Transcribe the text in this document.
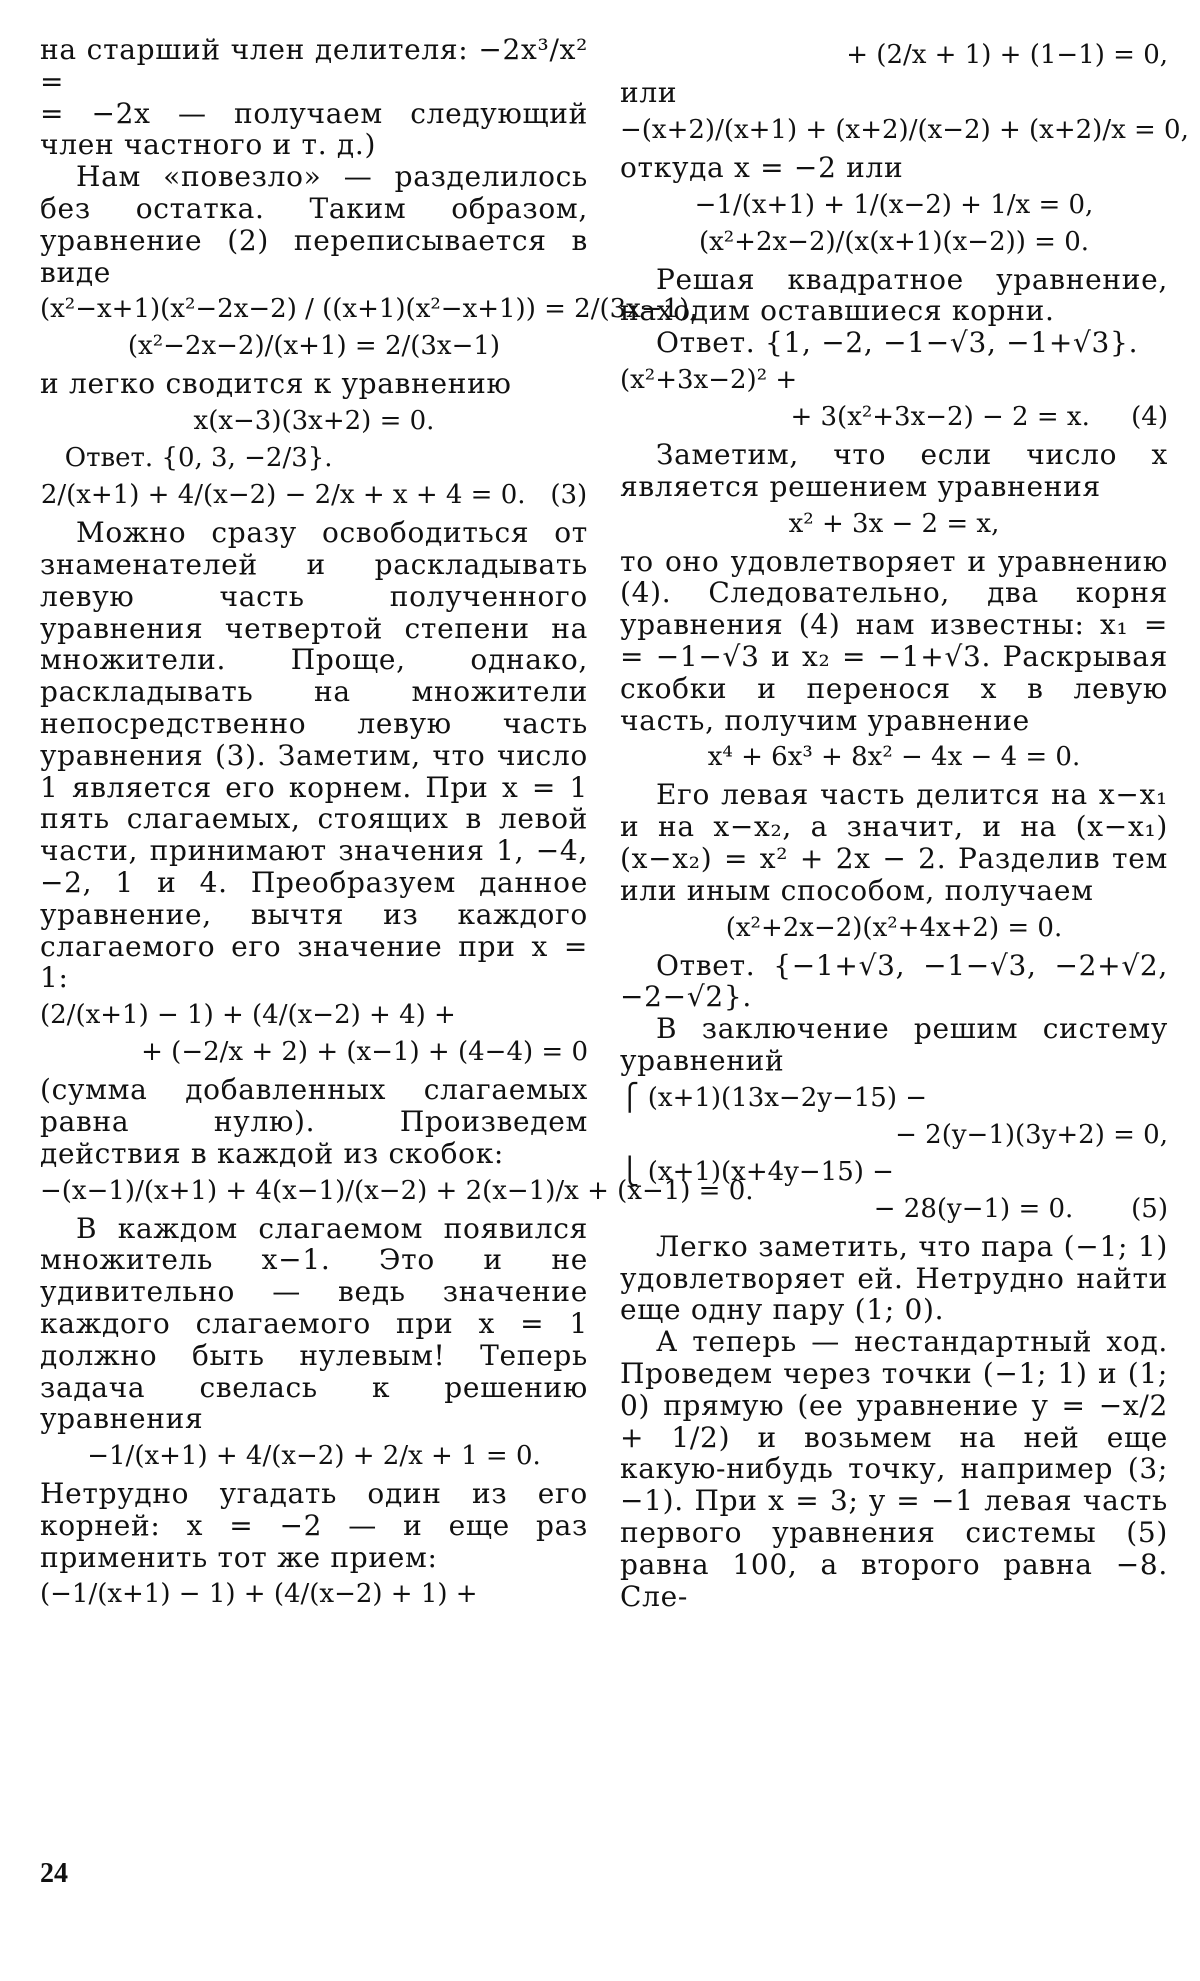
на старший член делителя: −2x³/x² =

= −2x — получаем следующий член частного и т. д.)

Нам «повезло» — разделилось без остатка. Таким образом, уравнение (2) переписывается в виде

(x²−x+1)(x²−2x−2) / ((x+1)(x²−x+1)) = 2/(3x−1),
(x²−2x−2)/(x+1) = 2/(3x−1)

и легко сводится к уравнению

x(x−3)(3x+2) = 0.
Ответ. {0, 3, −2/3}.
2/(x+1) + 4/(x−2) − 2/x + x + 4 = 0.   (3)

Можно сразу освободиться от знаменателей и раскладывать левую часть полученного уравнения четвертой степени на множители. Проще, однако, раскладывать на множители непосредственно левую часть уравнения (3). Заметим, что число 1 является его корнем. При x = 1 пять слагаемых, стоящих в левой части, принимают значения 1, −4, −2, 1 и 4. Преобразуем данное уравнение, вычтя из каждого слагаемого его значение при x = 1:

(2/(x+1) − 1) + (4/(x−2) + 4) +
+ (−2/x + 2) + (x−1) + (4−4) = 0

(сумма добавленных слагаемых равна нулю). Произведем действия в каждой из скобок:

−(x−1)/(x+1) + 4(x−1)/(x−2) + 2(x−1)/x + (x−1) = 0.

В каждом слагаемом появился множитель x−1. Это и не удивительно — ведь значение каждого слагаемого при x = 1 должно быть нулевым! Теперь задача свелась к решению уравнения

−1/(x+1) + 4/(x−2) + 2/x + 1 = 0.

Нетрудно угадать один из его корней: x = −2 — и еще раз применить тот же прием:

(−1/(x+1) − 1) + (4/(x−2) + 1) +
+ (2/x + 1) + (1−1) = 0,

или

−(x+2)/(x+1) + (x+2)/(x−2) + (x+2)/x = 0,

откуда x = −2 или

−1/(x+1) + 1/(x−2) + 1/x = 0,
(x²+2x−2)/(x(x+1)(x−2)) = 0.

Решая квадратное уравнение, находим оставшиеся корни.

Ответ. {1, −2, −1−√3, −1+√3}.

(x²+3x−2)² +
+ 3(x²+3x−2) − 2 = x.     (4)

Заметим, что если число x является решением уравнения

x² + 3x − 2 = x,

то оно удовлетворяет и уравнению (4). Следовательно, два корня уравнения (4) нам известны: x₁ = = −1−√3 и x₂ = −1+√3. Раскрывая скобки и перенося x в левую часть, получим уравнение

x⁴ + 6x³ + 8x² − 4x − 4 = 0.

Его левая часть делится на x−x₁ и на x−x₂, а значит, и на (x−x₁)(x−x₂) = x² + 2x − 2. Разделив тем или иным способом, получаем

(x²+2x−2)(x²+4x+2) = 0.

Ответ. {−1+√3, −1−√3, −2+√2, −2−√2}.

В заключение решим систему уравнений

⎧ (x+1)(13x−2y−15) −
− 2(y−1)(3y+2) = 0,
⎩ (x+1)(x+4y−15) −
− 28(y−1) = 0.       (5)

Легко заметить, что пара (−1; 1) удовлетворяет ей. Нетрудно найти еще одну пару (1; 0).

А теперь — нестандартный ход. Проведем через точки (−1; 1) и (1; 0) прямую (ее уравнение y = −x/2 + 1/2) и возьмем на ней еще какую-нибудь точку, например (3; −1). При x = 3; y = −1 левая часть первого уравнения системы (5) равна 100, а второго равна −8. Сле-

24
